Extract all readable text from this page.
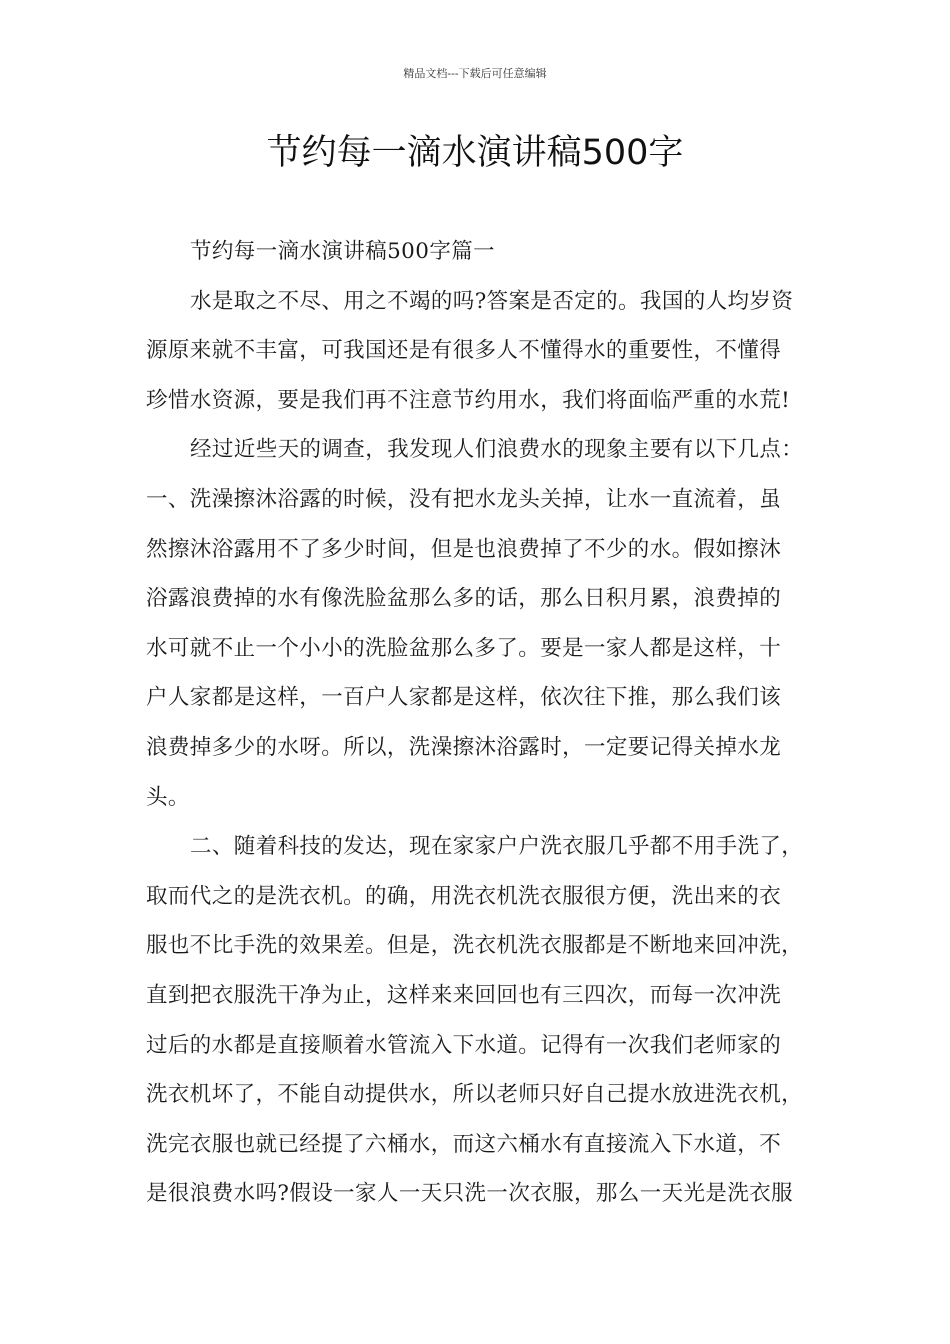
精品文档---下载后可任意编辑
节约每一滴水演讲稿500字
节约每一滴水演讲稿500字篇一
水是取之不尽、用之不竭的吗?答案是否定的。我国的人均岁资
源原来就不丰富，可我国还是有很多人不懂得水的重要性，不懂得
珍惜水资源，要是我们再不注意节约用水，我们将面临严重的水荒!
经过近些天的调查，我发现人们浪费水的现象主要有以下几点：
一、洗澡擦沐浴露的时候，没有把水龙头关掉，让水一直流着，虽
然擦沐浴露用不了多少时间，但是也浪费掉了不少的水。假如擦沐
浴露浪费掉的水有像洗脸盆那么多的话，那么日积月累，浪费掉的
水可就不止一个小小的洗脸盆那么多了。要是一家人都是这样，十
户人家都是这样，一百户人家都是这样，依次往下推，那么我们该
浪费掉多少的水呀。所以，洗澡擦沐浴露时，一定要记得关掉水龙
头。
二、随着科技的发达，现在家家户户洗衣服几乎都不用手洗了，
取而代之的是洗衣机。的确，用洗衣机洗衣服很方便，洗出来的衣
服也不比手洗的效果差。但是，洗衣机洗衣服都是不断地来回冲洗，
直到把衣服洗干净为止，这样来来回回也有三四次，而每一次冲洗
过后的水都是直接顺着水管流入下水道。记得有一次我们老师家的
洗衣机坏了，不能自动提供水，所以老师只好自己提水放进洗衣机，
洗完衣服也就已经提了六桶水，而这六桶水有直接流入下水道，不
是很浪费水吗?假设一家人一天只洗一次衣服，那么一天光是洗衣服
